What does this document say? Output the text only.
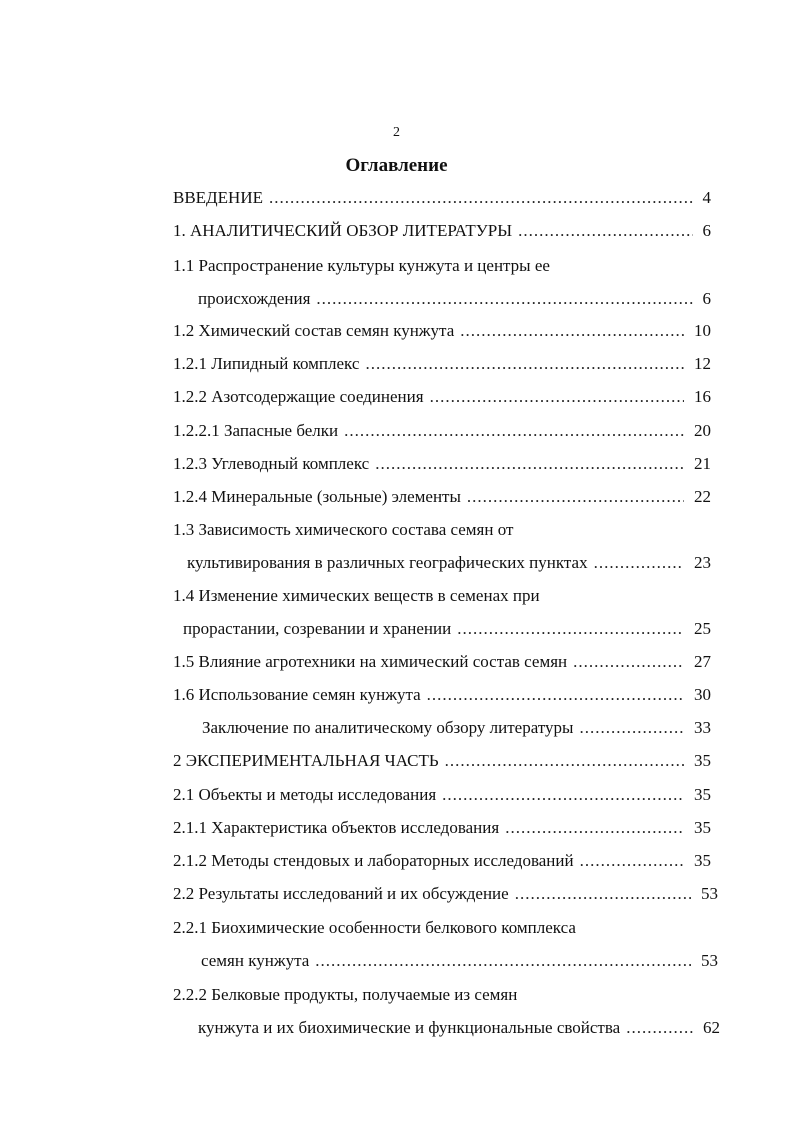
2
Оглавление
ВВЕДЕНИЕ .....	4
1. АНАЛИТИЧЕСКИЙ ОБЗОР ЛИТЕРАТУРЫ .....	6
1.1 Распространение культуры кунжута и центры ее
происхождения .....	6
1.2 Химический состав семян кунжута .....	10
1.2.1 Липидный комплекс .....	12
1.2.2 Азотсодержащие соединения .....	16
1.2.2.1 Запасные белки .....	20
1.2.3 Углеводный комплекс .....	21
1.2.4 Минеральные (зольные) элементы .....	22
1.3 Зависимость химического состава семян от
культивирования в различных географических пунктах .....	23
1.4 Изменение химических веществ в семенах при
прорастании, созревании и хранении .....	25
1.5 Влияние агротехники на химический состав семян .....	27
1.6 Использование семян кунжута .....	30
Заключение по аналитическому обзору литературы .....	33
2 ЭКСПЕРИМЕНТАЛЬНАЯ ЧАСТЬ .....	35
2.1 Объекты и методы исследования .....	35
2.1.1 Характеристика объектов исследования .....	35
2.1.2 Методы стендовых и лабораторных исследований .....	35
2.2 Результаты исследований и их обсуждение .....	53
2.2.1 Биохимические особенности белкового комплекса
семян кунжута .....	53
2.2.2 Белковые продукты, получаемые из семян
кунжута и их биохимические и функциональные свойства .....	62
